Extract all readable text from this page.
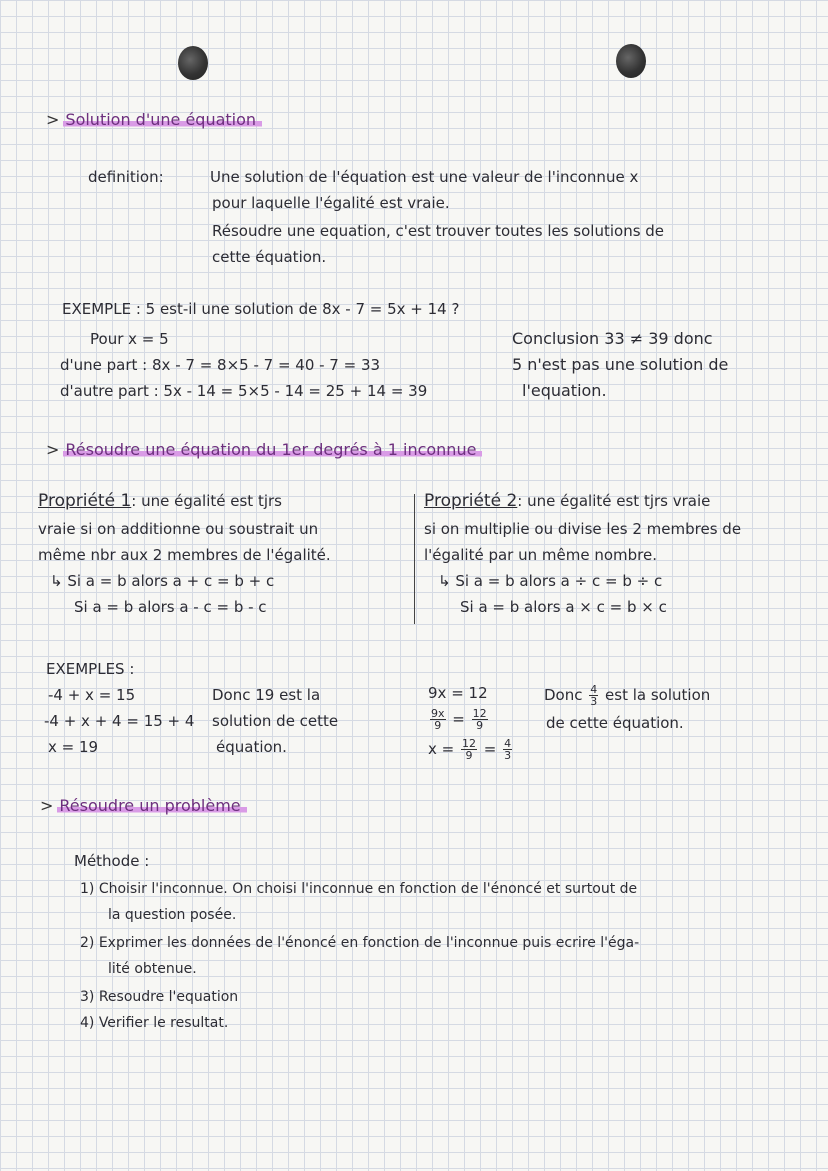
> Solution d'une équation
definition:	Une solution de l'équation est une valeur de l'inconnue x
pour laquelle l'égalité est vraie.
Résoudre une equation, c'est trouver toutes les solutions de
cette équation.
EXEMPLE : 5 est-il une solution de 8x - 7 = 5x + 14 ?
Pour x = 5
d'une part : 8x - 7 = 8×5 - 7 = 40 - 7 = 33
d'autre part : 5x - 14 = 5×5 - 14 = 25 + 14 = 39
Conclusion 33 ≠ 39 donc
5 n'est pas une solution de
l'equation.
> Résoudre une équation du 1er degrés à 1 inconnue
Propriété 1: une égalité est tjrs
vraie si on additionne ou soustrait un
même nbr aux 2 membres de l'égalité.
↳ Si a = b alors a + c = b + c
Si a = b alors a - c = b - c
Propriété 2: une égalité est tjrs vraie
si on multiplie ou divise les 2 membres de
l'égalité par un même nombre.
↳ Si a = b alors a ÷ c = b ÷ c
Si a = b alors a × c = b × c
EXEMPLES :
-4 + x = 15
-4 + x + 4 = 15 + 4
x = 19
Donc 19 est la
solution de cette
équation.
9x = 12
$\frac{9x}{9} = \frac{12}{9}$
$x = \frac{12}{9} = \frac{4}{3}$
Donc $\frac{4}{3}$ est la solution
de cette équation.
> Résoudre un problème
Méthode :
1) Choisir l'inconnue. On choisi l'inconnue en fonction de l'énoncé et surtout de
la question posée.
2) Exprimer les données de l'énoncé en fonction de l'inconnue puis ecrire l'éga-
lité obtenue.
3) Resoudre l'equation
4) Verifier le resultat.
